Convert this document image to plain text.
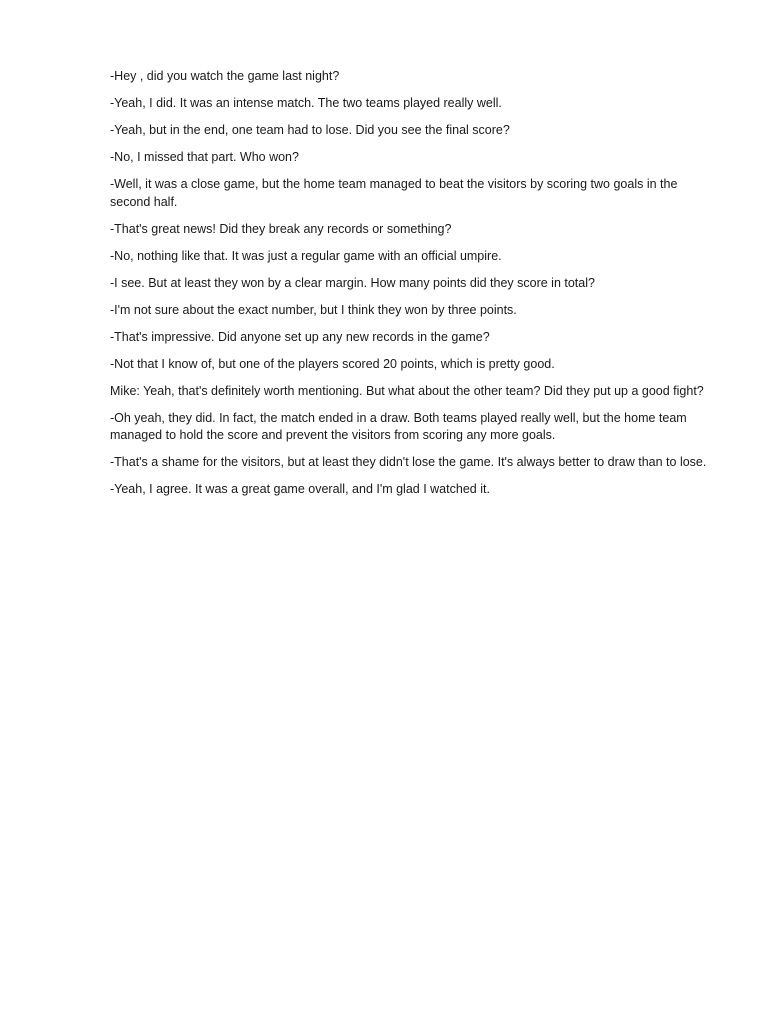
-Hey , did you watch the game last night?

-Yeah, I did. It was an intense match. The two teams played really well.

-Yeah, but in the end, one team had to lose. Did you see the final score?

-No, I missed that part. Who won?

-Well, it was a close game, but the home team managed to beat the visitors by scoring two goals in the second half.

-That's great news! Did they break any records or something?

-No, nothing like that. It was just a regular game with an official umpire.

-I see. But at least they won by a clear margin. How many points did they score in total?

-I'm not sure about the exact number, but I think they won by three points.

-That's impressive. Did anyone set up any new records in the game?

-Not that I know of, but one of the players scored 20 points, which is pretty good.

Mike: Yeah, that's definitely worth mentioning. But what about the other team? Did they put up a good fight?

-Oh yeah, they did. In fact, the match ended in a draw. Both teams played really well, but the home team managed to hold the score and prevent the visitors from scoring any more goals.

-That's a shame for the visitors, but at least they didn't lose the game. It's always better to draw than to lose.

-Yeah, I agree. It was a great game overall, and I'm glad I watched it.
